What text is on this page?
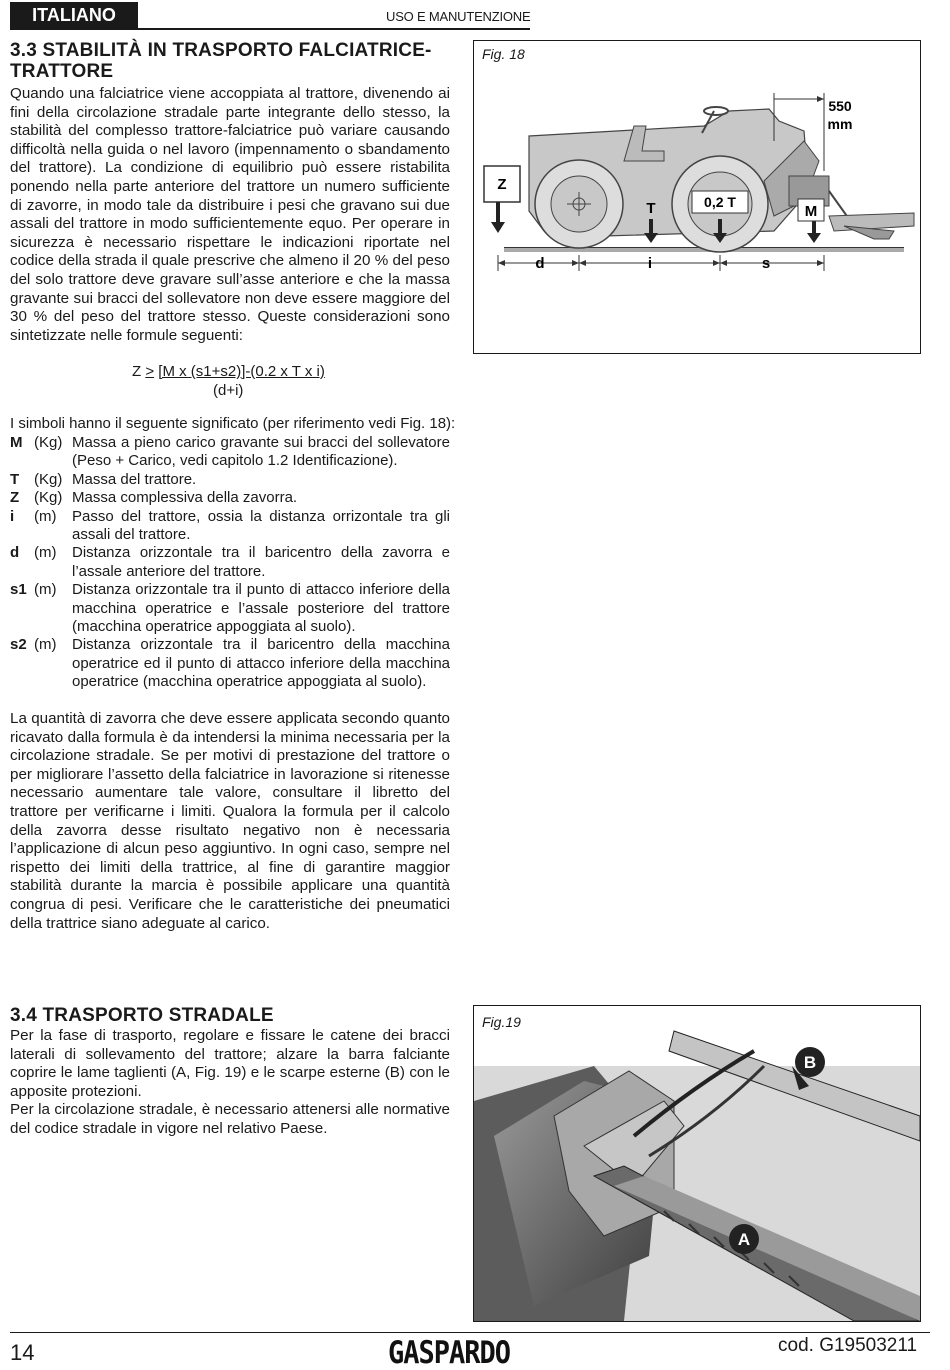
ITALIANO	USO E MANUTENZIONE
3.3 STABILITÀ IN TRASPORTO FALCIATRICE-TRATTORE
Quando una falciatrice viene accoppiata al trattore, divenendo ai fini della circolazione stradale parte integrante dello stesso, la stabilità del complesso trattore-falciatrice può variare causando difficoltà nella guida o nel lavoro (impennamento o sbandamento del trattore). La condizione di equilibrio può essere ristabilita ponendo nella parte anteriore del trattore un numero sufficiente di zavorre, in modo tale da distribuire i pesi che gravano sui due assali del trattore in modo sufficientemente equo. Per operare in sicurezza è necessario rispettare le indicazioni riportate nel codice della strada il quale prescrive che almeno il 20 % del peso del solo trattore deve gravare sull’asse anteriore e che la massa gravante sui bracci del sollevatore non deve essere maggiore del 30 % del peso del trattore stesso. Queste considerazioni sono sintetizzate nelle formule seguenti:
Z > [M x (s1+s2)]-(0.2 x T x i)
(d+i)
I simboli hanno il seguente significato (per riferimento vedi Fig. 18):
M (Kg) Massa a pieno carico gravante sui bracci del sollevatore (Peso + Carico, vedi capitolo 1.2 Identificazione).
T (Kg) Massa del trattore.
Z (Kg) Massa complessiva della zavorra.
i	(m)	Passo del trattore, ossia la distanza orrizontale tra gli assali del trattore.
d (m)	Distanza orizzontale tra il baricentro della zavorra e l’assale anteriore del trattore.
s1 (m)	Distanza orizzontale tra il punto di attacco inferiore della macchina operatrice e l’assale posteriore del trattore (macchina operatrice appoggiata al suolo).
s2 (m)	Distanza orizzontale tra il baricentro della macchina operatrice ed il punto di attacco inferiore della macchina operatrice (macchina operatrice appoggiata al suolo).
La quantità di zavorra che deve essere applicata secondo quanto ricavato dalla formula è da intendersi la minima necessaria per la circolazione stradale. Se per motivi di prestazione del trattore o per migliorare l’assetto della falciatrice in lavorazione si ritenesse necessario aumentare tale valore, consultare il libretto del trattore per verificarne i limiti. Qualora la formula per il calcolo della zavorra desse risultato negativo non è necessaria l’applicazione di alcun peso aggiuntivo. In ogni caso, sempre nel rispetto dei limiti della trattrice, al fine di garantire maggior stabilità durante la marcia è possibile applicare una quantità congrua di pesi. Verificare che le caratteristiche dei pneumatici della trattrice siano adeguate al carico.
Fig. 18
Z
T	0,2 T
M
d	i	s
550
mm
3.4 TRASPORTO STRADALE
Per la fase di trasporto, regolare e fissare le catene dei bracci laterali di sollevamento del trattore; alzare la barra falciante coprire le lame taglienti (A, Fig. 19) e le scarpe esterne (B) con le apposite protezioni.
Per la circolazione stradale, è necessario attenersi alle normative del codice stradale in vigore nel relativo Paese.
B
A
Fig.19
14	GASPARDO	cod. G19503211
